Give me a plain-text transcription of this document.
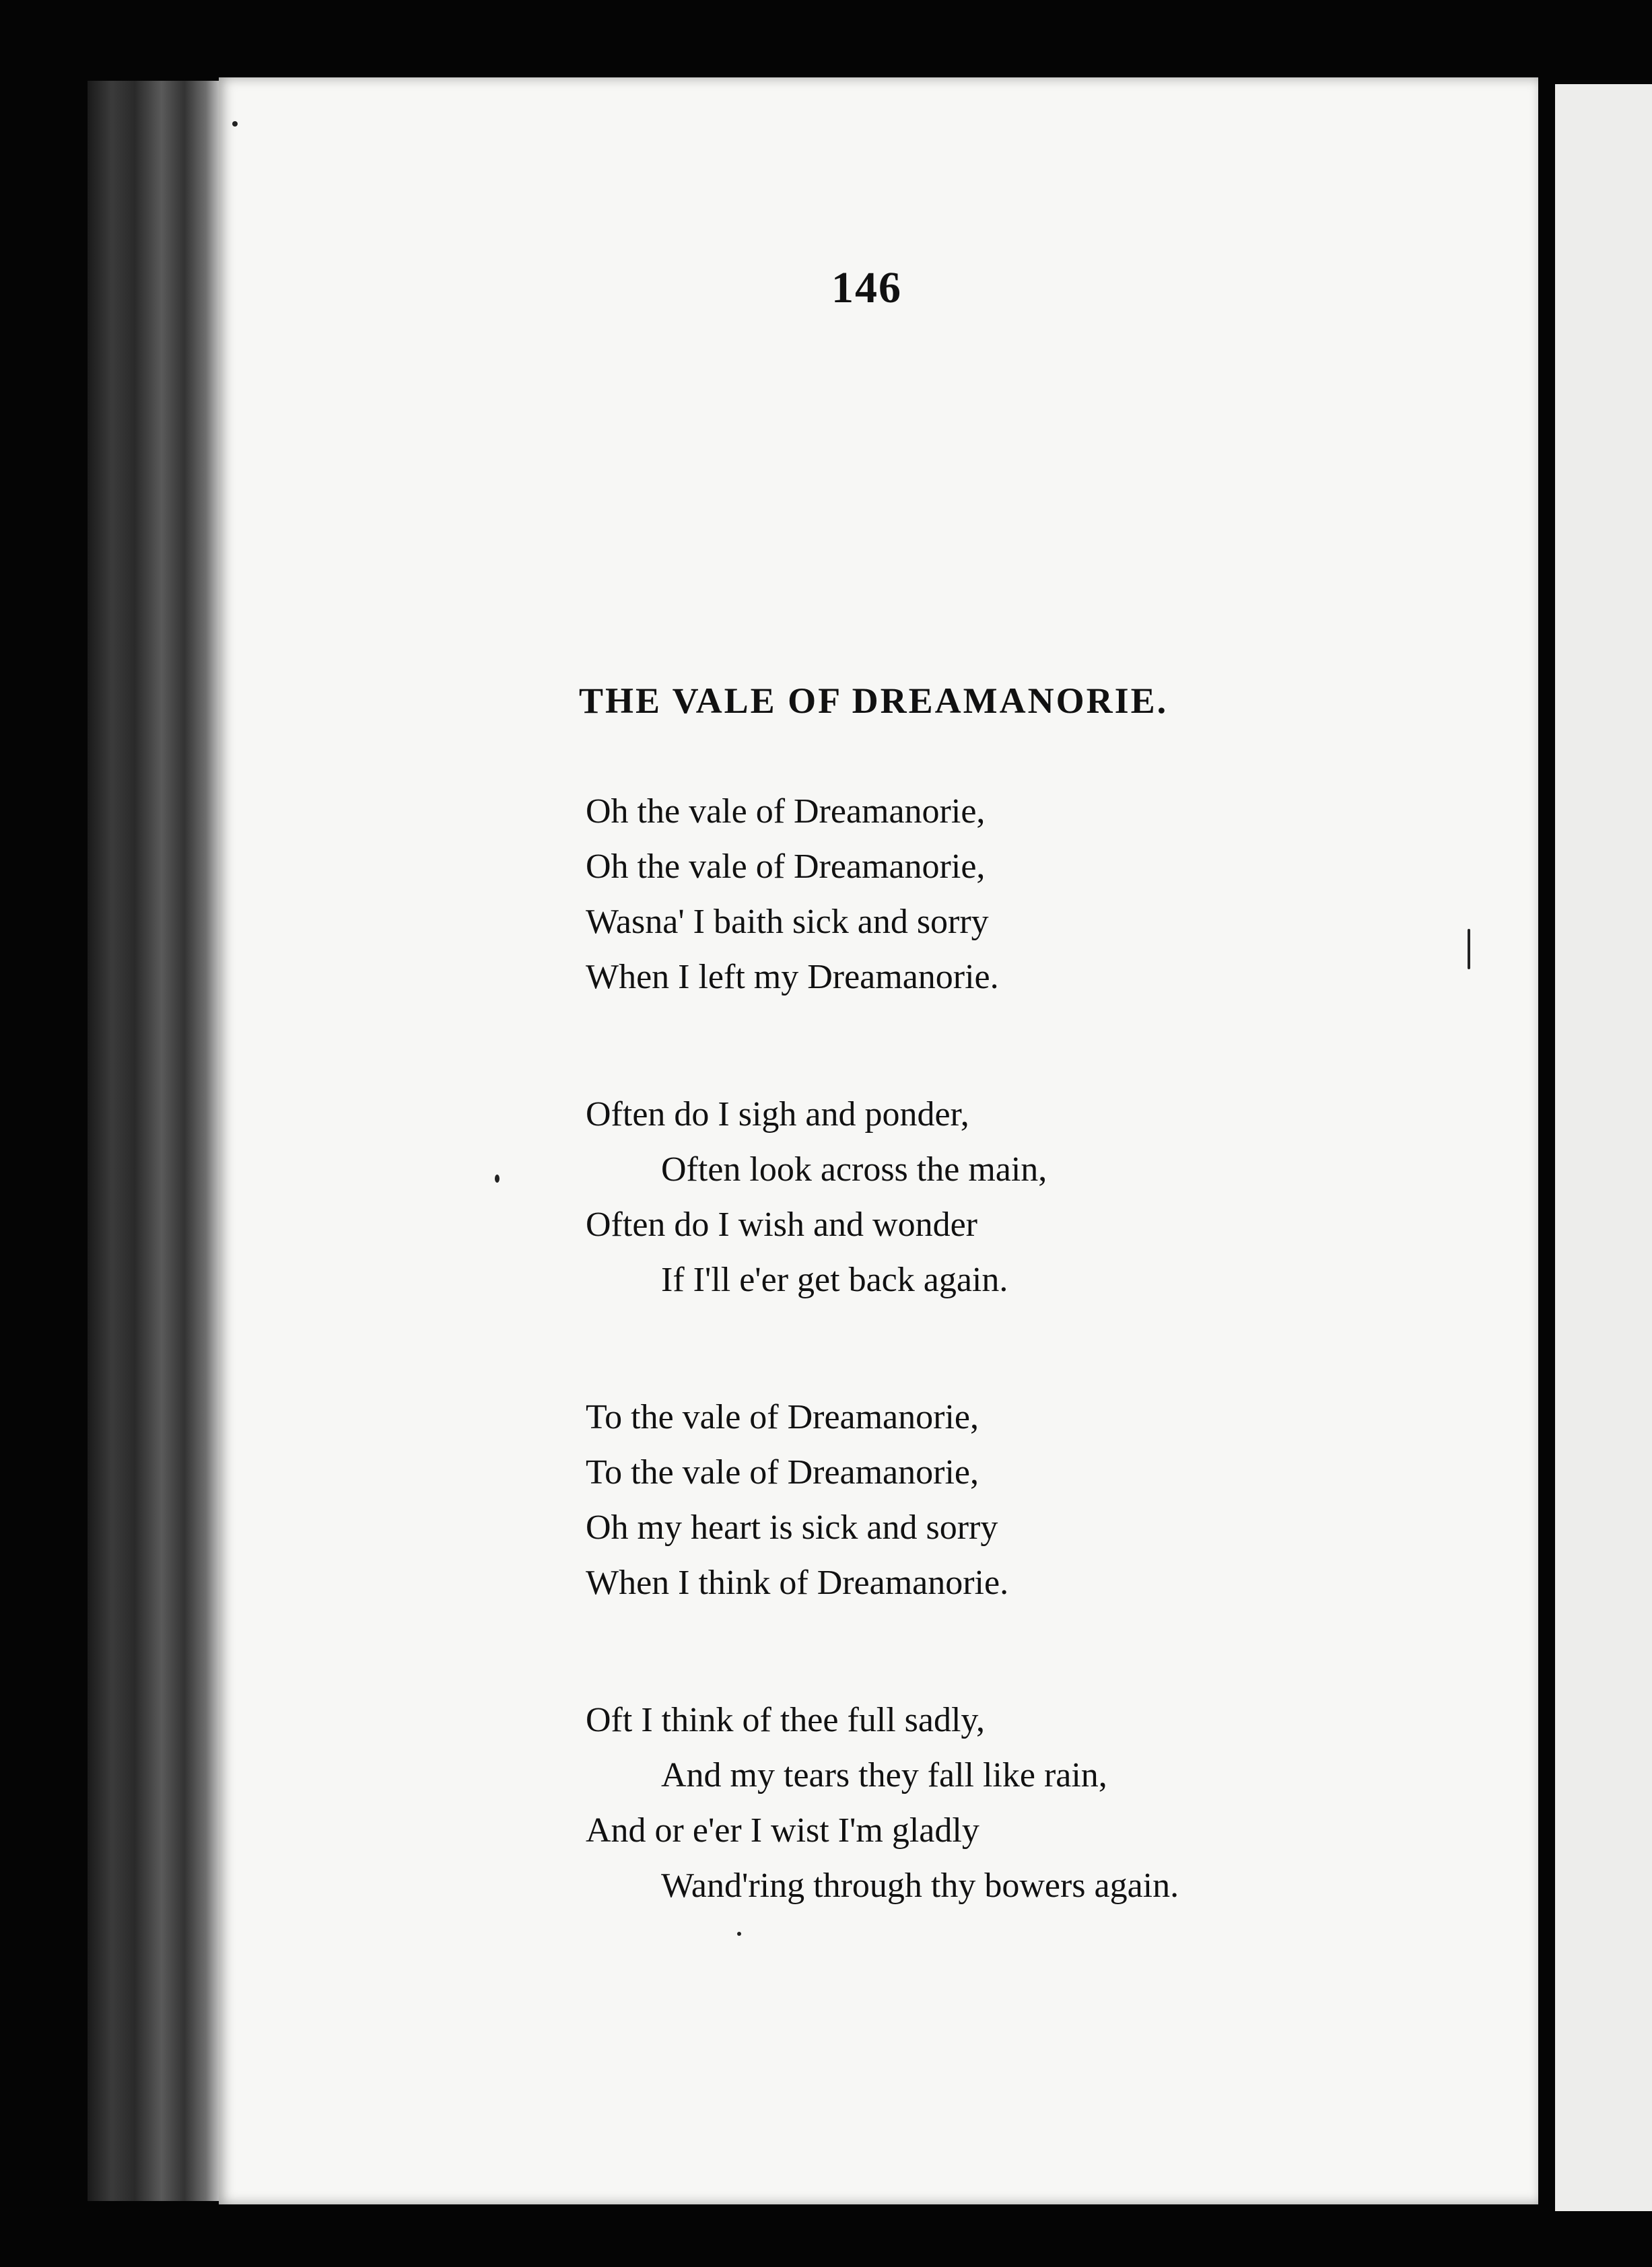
146
THE VALE OF DREAMANORIE.
Oh the vale of Dreamanorie,
Oh the vale of Dreamanorie,
Wasna' I baith sick and sorry
When I left my Dreamanorie.
Often do I sigh and ponder,
Often look across the main,
Often do I wish and wonder
If I'll e'er get back again.
To the vale of Dreamanorie,
To the vale of Dreamanorie,
Oh my heart is sick and sorry
When I think of Dreamanorie.
Oft I think of thee full sadly,
And my tears they fall like rain,
And or e'er I wist I'm gladly
Wand'ring through thy bowers again.
